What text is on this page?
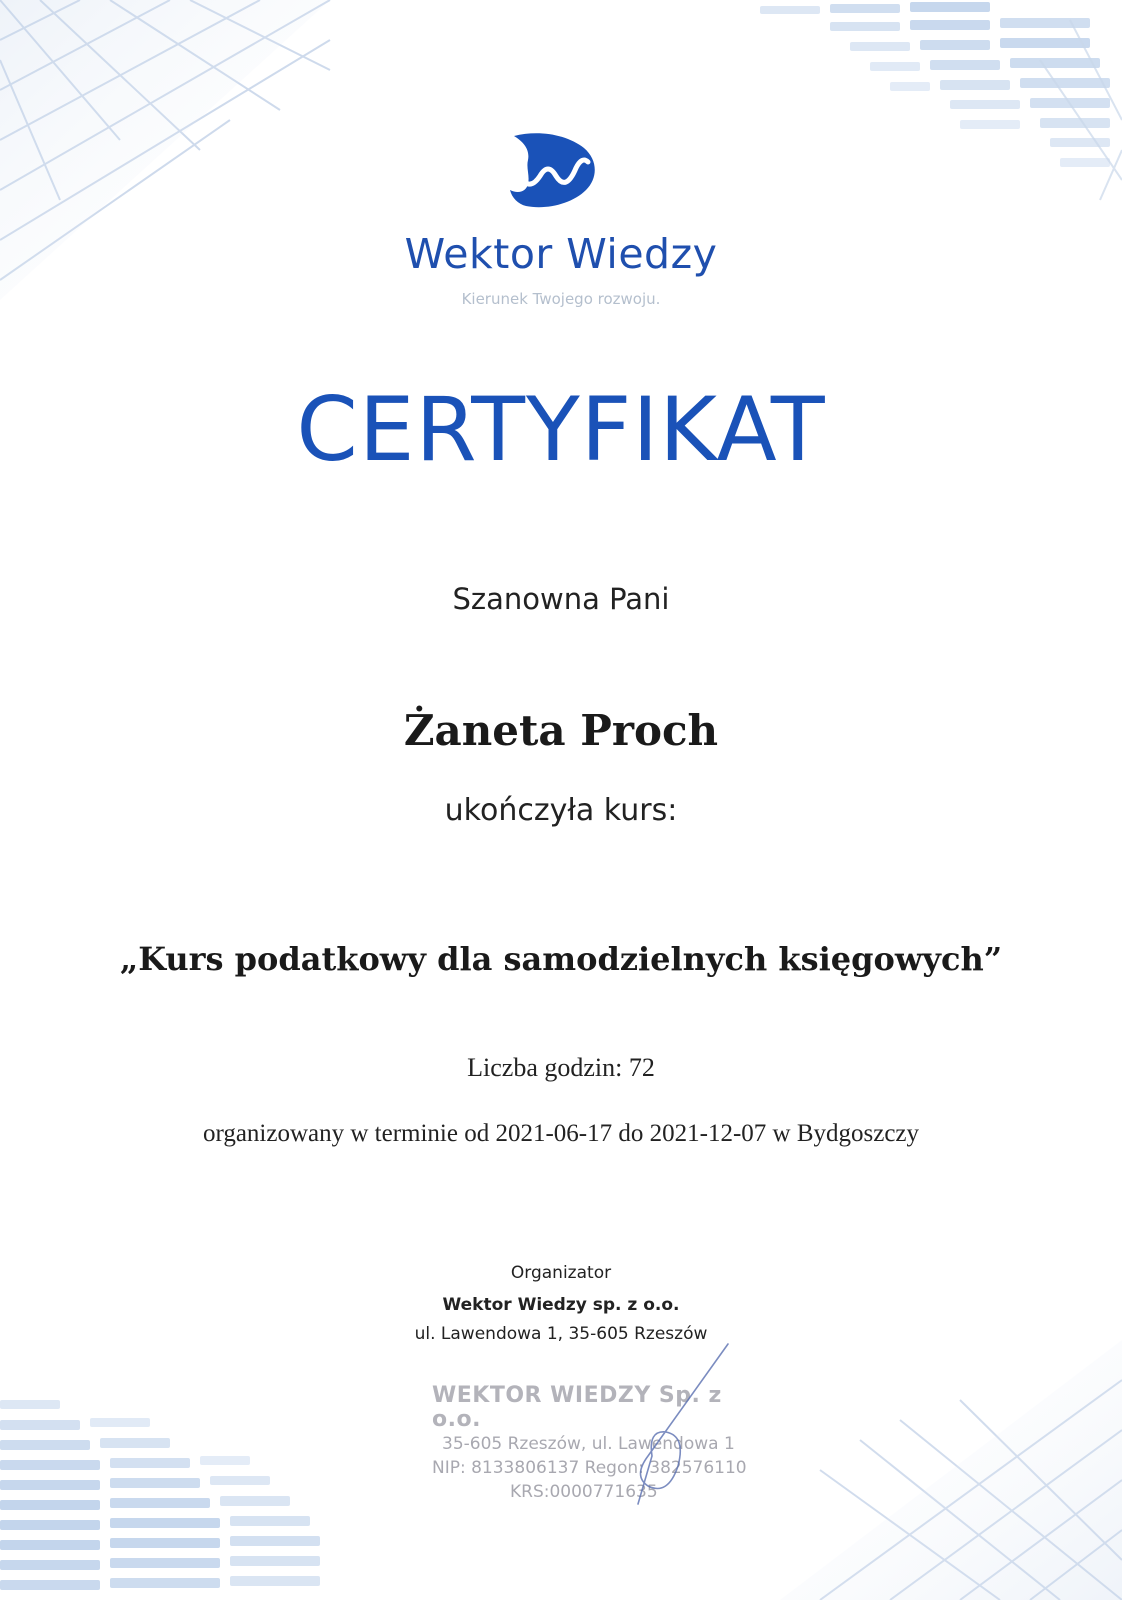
Wektor Wiedzy
Kierunek Twojego rozwoju.
CERTYFIKAT
Szanowna Pani
Żaneta Proch
ukończyła kurs:
„Kurs podatkowy dla samodzielnych księgowych”
Liczba godzin: 72
organizowany w terminie od 2021-06-17 do 2021-12-07 w Bydgoszczy
Organizator
Wektor Wiedzy sp. z o.o.
ul. Lawendowa 1, 35-605 Rzeszów
WEKTOR WIEDZY Sp. z o.o.
35-605 Rzeszów, ul. Lawendowa 1
NIP: 8133806137 Regon: 382576110
KRS:0000771635
